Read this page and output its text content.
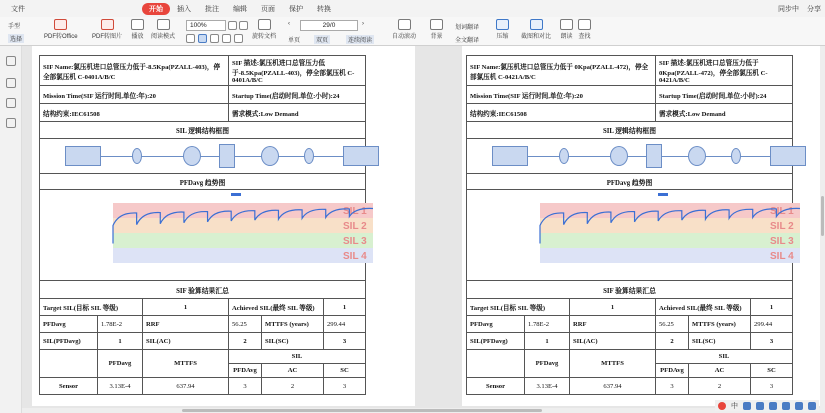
文件	开始	插入	批注	编辑	页面	保护	转换	同步中 分享
手型
选择	PDF转Office PDF转图片 播放 阅读模式
100%
旋转文档
‹	29/0	›
单页	双页	连续阅读
自动滚动 背景
划词翻译
全文翻译
压缩 截图和对比 朗读 查找
SIF Name:氯压机进口总管压力低于-8.5Kpa(PZALL-403)，停全部氯压机 C-0401A/B/C			SIF 描述:氯压机进口总管压力低于-8.5Kpa(PZALL-403)，停全部氯压机 C-0401A/B/C		
Mission Time(SIF 运行时间,单位:年):20			Startup Time(启动时间,单位:小时):24		
结构约束:IEC61508			需求模式:Low Demand		
SIL 逻辑结构框图					

PFDavg 趋势图					

SIL 1
SIL 2
SIL 3
SIL 4					

SIF 验算结果汇总					
Target SIL(目标 SIL 等级)		1	Achieved SIL(最终 SIL 等级)		1
PFDavg	1.78E-2	RRF	56.25	MTTFS (years)	299.44
SIL(PFDavg)	1	SIL(AC)	2	SIL(SC)	3
	PFDavg	MTTFS	SIL		
			PFDAvg	AC	SC
Sensor	3.13E-4	637.94	3	2	3
SIF Name:氯压机进口总管压力低于 0Kpa(PZALL-472)，停全部氯压机 C-0421A/B/C			SIF 描述:氯压机进口总管压力低于 0Kpa(PZALL-472)，停全部氯压机 C-0421A/B/C		
Mission Time(SIF 运行时间,单位:年):20			Startup Time(启动时间,单位:小时):24		
结构约束:IEC61508			需求模式:Low Demand		
SIL 逻辑结构框图					

PFDavg 趋势图					

SIL 1
SIL 2
SIL 3
SIL 4					

SIF 验算结果汇总					
Target SIL(目标 SIL 等级)		1	Achieved SIL(最终 SIL 等级)		1
PFDavg	1.78E-2	RRF	56.25	MTTFS (years)	299.44
SIL(PFDavg)	1	SIL(AC)	2	SIL(SC)	3
	PFDavg	MTTFS	SIL		
			PFDAvg	AC	SC
Sensor	3.13E-4	637.94	3	2	3
中
